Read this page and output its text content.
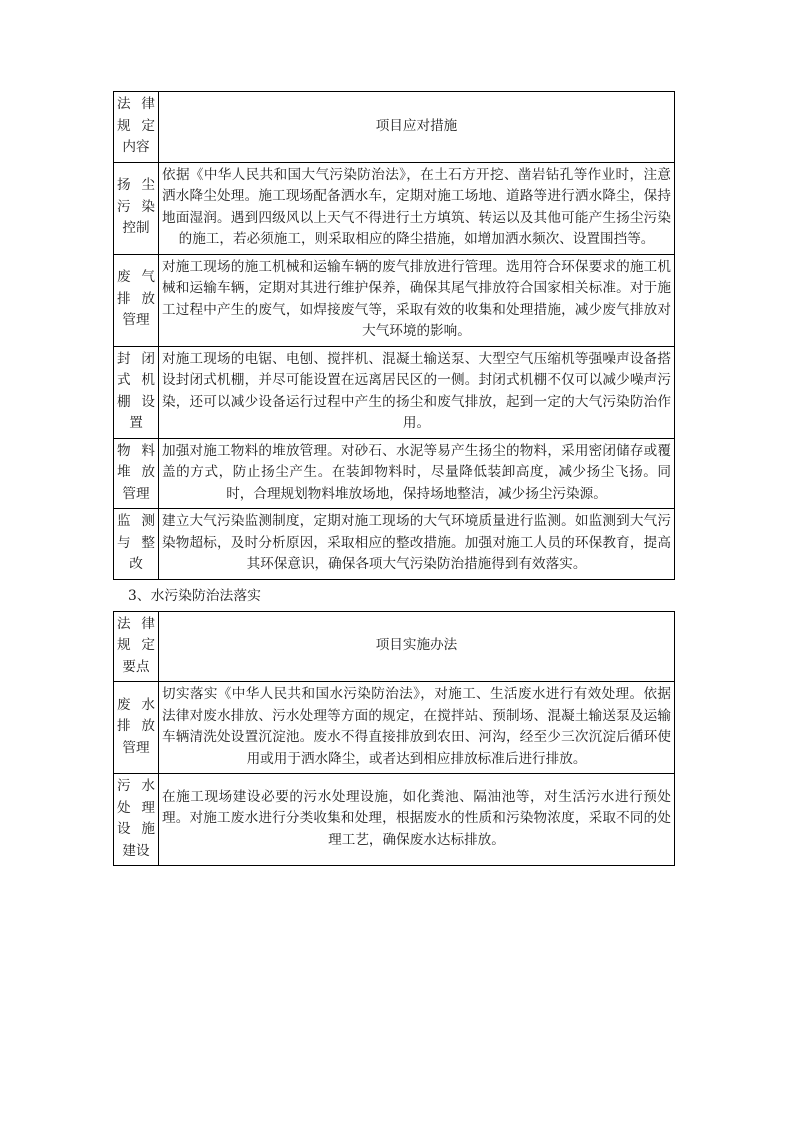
法律规定内容	项目应对措施

扬尘污染控制	依据《中华人民共和国大气污染防治法》，在土石方开挖、凿岩钻孔等作业时，注意洒水降尘处理。施工现场配备洒水车，定期对施工场地、道路等进行洒水降尘，保持地面湿润。遇到四级风以上天气不得进行土方填筑、转运以及其他可能产生扬尘污染的施工，若必须施工，则采取相应的降尘措施，如增加洒水频次、设置围挡等。

废气排放管理	对施工现场的施工机械和运输车辆的废气排放进行管理。选用符合环保要求的施工机械和运输车辆，定期对其进行维护保养，确保其尾气排放符合国家相关标准。对于施工过程中产生的废气，如焊接废气等，采取有效的收集和处理措施，减少废气排放对大气环境的影响。

封闭式机棚设置	对施工现场的电锯、电刨、搅拌机、混凝土输送泵、大型空气压缩机等强噪声设备搭设封闭式机棚，并尽可能设置在远离居民区的一侧。封闭式机棚不仅可以减少噪声污染，还可以减少设备运行过程中产生的扬尘和废气排放，起到一定的大气污染防治作用。

物料堆放管理	加强对施工物料的堆放管理。对砂石、水泥等易产生扬尘的物料，采用密闭储存或覆盖的方式，防止扬尘产生。在装卸物料时，尽量降低装卸高度，减少扬尘飞扬。同时，合理规划物料堆放场地，保持场地整洁，减少扬尘污染源。

监测与整改	建立大气污染监测制度，定期对施工现场的大气环境质量进行监测。如监测到大气污染物超标，及时分析原因，采取相应的整改措施。加强对施工人员的环保教育，提高其环保意识，确保各项大气污染防治措施得到有效落实。
3、水污染防治法落实
法律规定要点	项目实施办法

废水排放管理	切实落实《中华人民共和国水污染防治法》，对施工、生活废水进行有效处理。依据法律对废水排放、污水处理等方面的规定，在搅拌站、预制场、混凝土输送泵及运输车辆清洗处设置沉淀池。废水不得直接排放到农田、河沟，经至少三次沉淀后循环使用或用于洒水降尘，或者达到相应排放标准后进行排放。

污水处理设施建设	在施工现场建设必要的污水处理设施，如化粪池、隔油池等，对生活污水进行预处理。对施工废水进行分类收集和处理，根据废水的性质和污染物浓度，采取不同的处理工艺，确保废水达标排放。
